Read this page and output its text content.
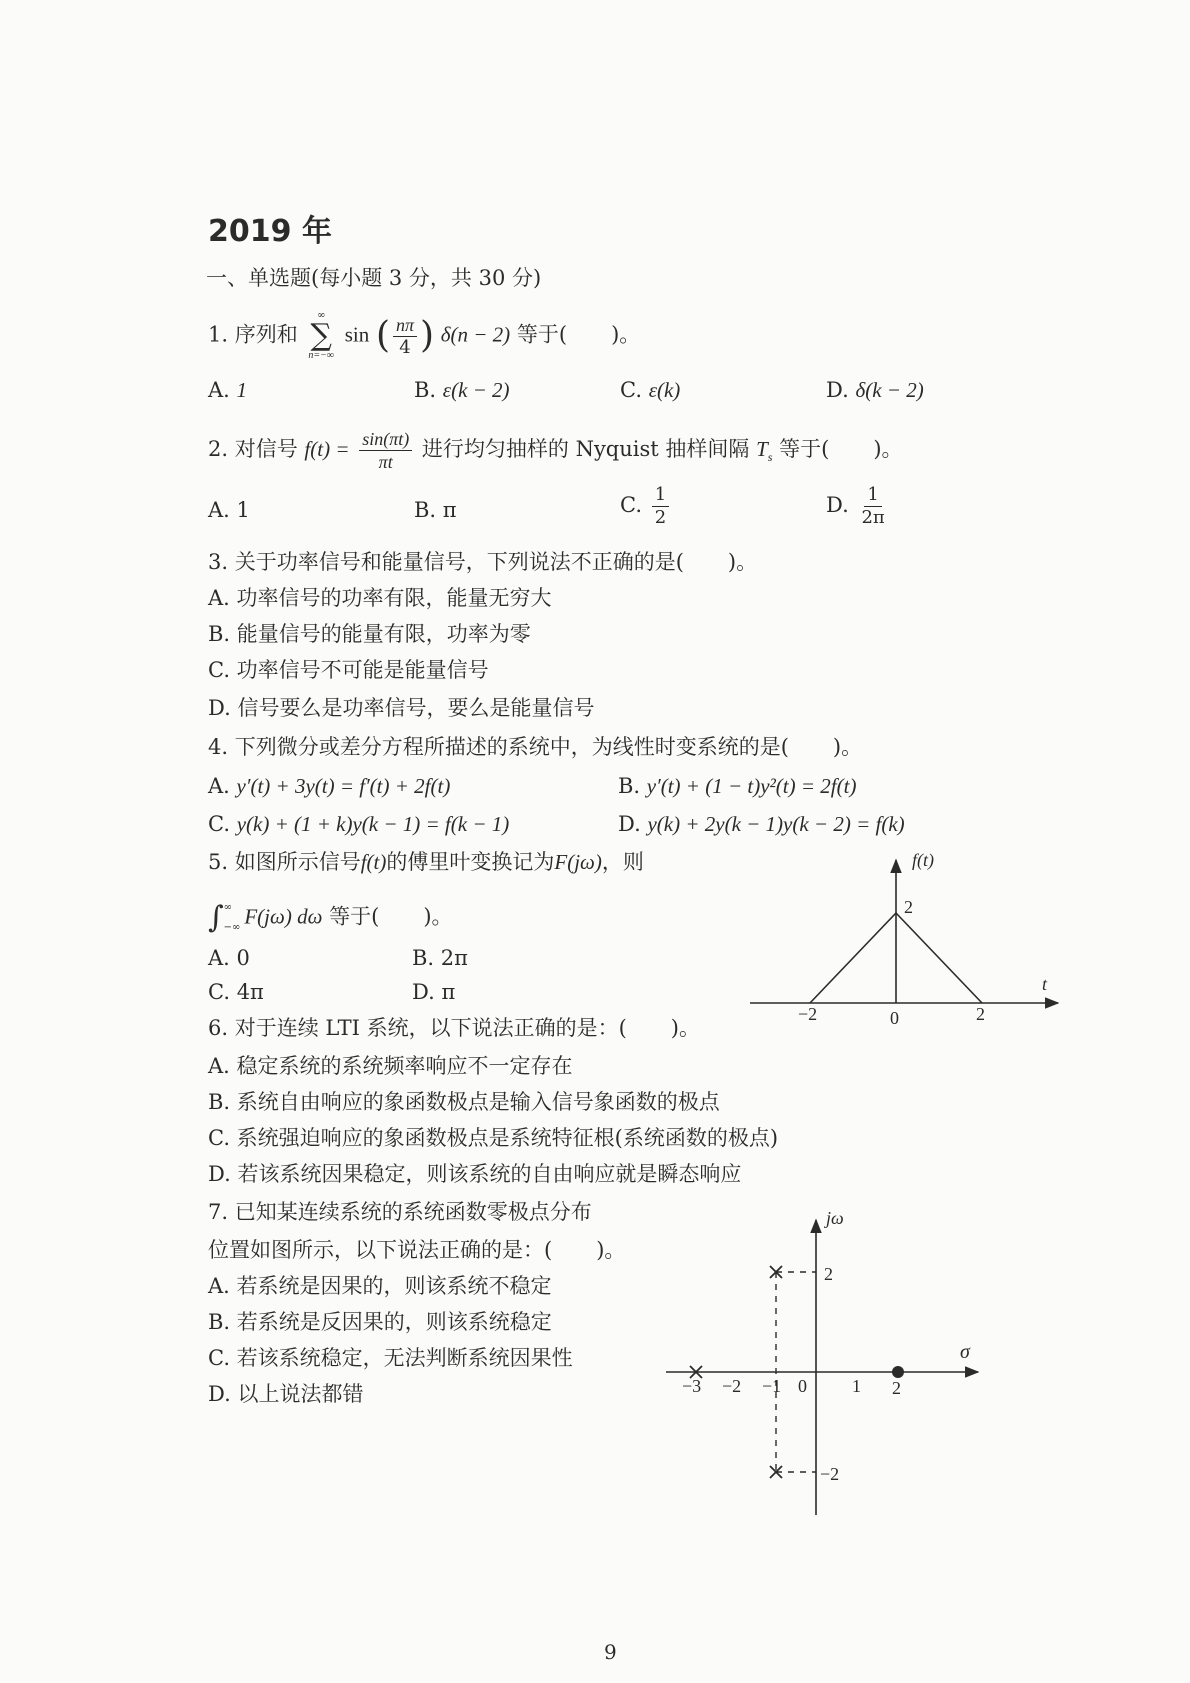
2019 年
一、单选题(每小题 3 分，共 30 分)
1. 序列和
∞
∑
n=−∞
sin ( $\frac{n\pi}{4}$ ) δ(n − 2) 等于( )。
A. 1	B. ε(k − 2)	C. ε(k)	D. δ(k − 2)
2. 对信号 $f(t) = \frac{\sin(\pi t)}{\pi t}$ 进行均匀抽样的 Nyquist 抽样间隔 $T_s$ 等于( )。
A. 1	B. π	C. $\frac{1}{2}$	D. $\frac{1}{2\pi}$
3. 关于功率信号和能量信号，下列说法不正确的是( )。
A. 功率信号的功率有限，能量无穷大
B. 能量信号的能量有限，功率为零
C. 功率信号不可能是能量信号
D. 信号要么是功率信号，要么是能量信号
4. 下列微分或差分方程所描述的系统中，为线性时变系统的是( )。
A. y′(t) + 3y(t) = f′(t) + 2f(t)	B. y′(t) + (1 − t)y²(t) = 2f(t)
C. y(k) + (1 + k)y(k − 1) = f(k − 1)	D. y(k) + 2y(k − 1)y(k − 2) = f(k)
5. 如图所示信号f(t)的傅里叶变换记为F(jω)，则
∫ ∞
−∞ F(jω) dω 等于( )。
A. 0	B. 2π
C. 4π	D. π
f(t)
t
2
−2	0	2
6. 对于连续 LTI 系统，以下说法正确的是：( )。
A. 稳定系统的系统频率响应不一定存在
B. 系统自由响应的象函数极点是输入信号象函数的极点
C. 系统强迫响应的象函数极点是系统特征根(系统函数的极点)
D. 若该系统因果稳定，则该系统的自由响应就是瞬态响应
7. 已知某连续系统的系统函数零极点分布
位置如图所示，以下说法正确的是：( )。
A. 若系统是因果的，则该系统不稳定
B. 若系统是反因果的，则该系统稳定
C. 若该系统稳定，无法判断系统因果性
D. 以上说法都错
jω
σ
2
−2
−3 −2 −1 0	1 2
9
